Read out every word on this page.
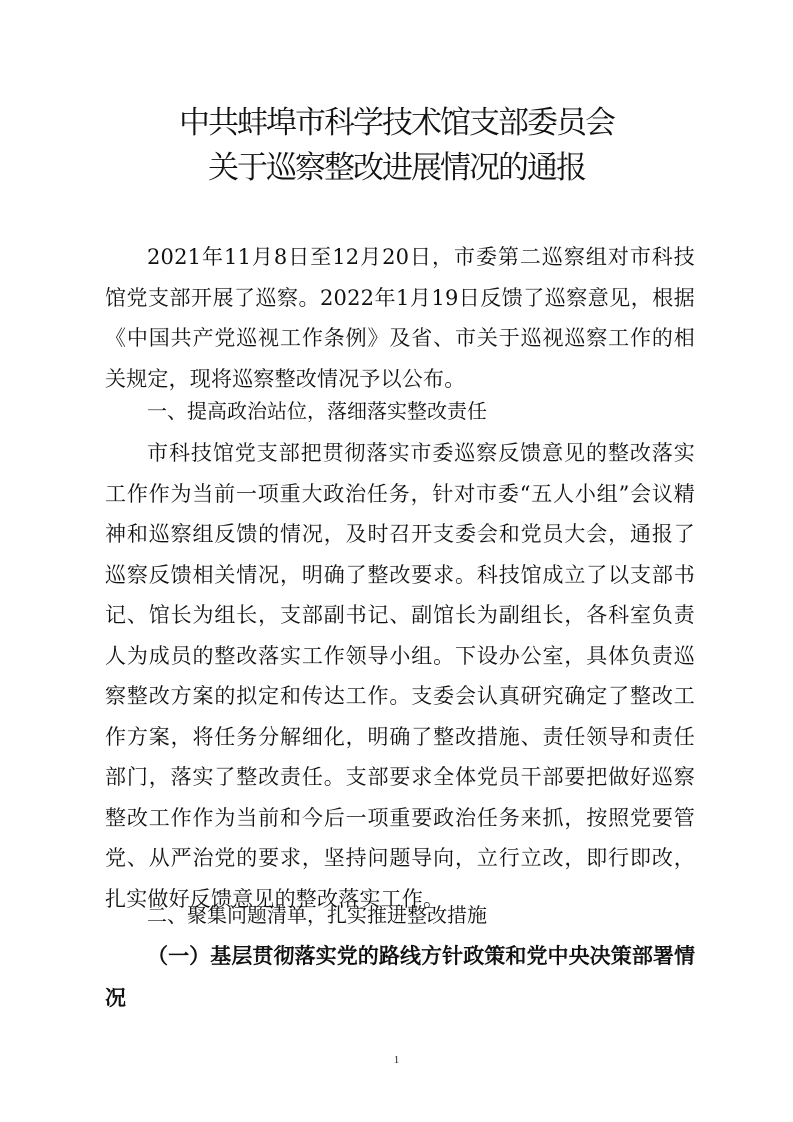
中共蚌埠市科学技术馆支部委员会
关于巡察整改进展情况的通报

2021年11月8日至12月20日，市委第二巡察组对市科技馆党支部开展了巡察。2022年1月19日反馈了巡察意见，根据《中国共产党巡视工作条例》及省、市关于巡视巡察工作的相关规定，现将巡察整改情况予以公布。

一、提高政治站位，落细落实整改责任

市科技馆党支部把贯彻落实市委巡察反馈意见的整改落实工作作为当前一项重大政治任务，针对市委“五人小组”会议精神和巡察组反馈的情况，及时召开支委会和党员大会，通报了巡察反馈相关情况，明确了整改要求。科技馆成立了以支部书记、馆长为组长，支部副书记、副馆长为副组长，各科室负责人为成员的整改落实工作领导小组。下设办公室，具体负责巡察整改方案的拟定和传达工作。支委会认真研究确定了整改工作方案，将任务分解细化，明确了整改措施、责任领导和责任部门，落实了整改责任。支部要求全体党员干部要把做好巡察整改工作作为当前和今后一项重要政治任务来抓，按照党要管党、从严治党的要求，坚持问题导向，立行立改，即行即改，扎实做好反馈意见的整改落实工作。

二、聚集问题清单，扎实推进整改措施

（一）基层贯彻落实党的路线方针政策和党中央决策部署情况

1
